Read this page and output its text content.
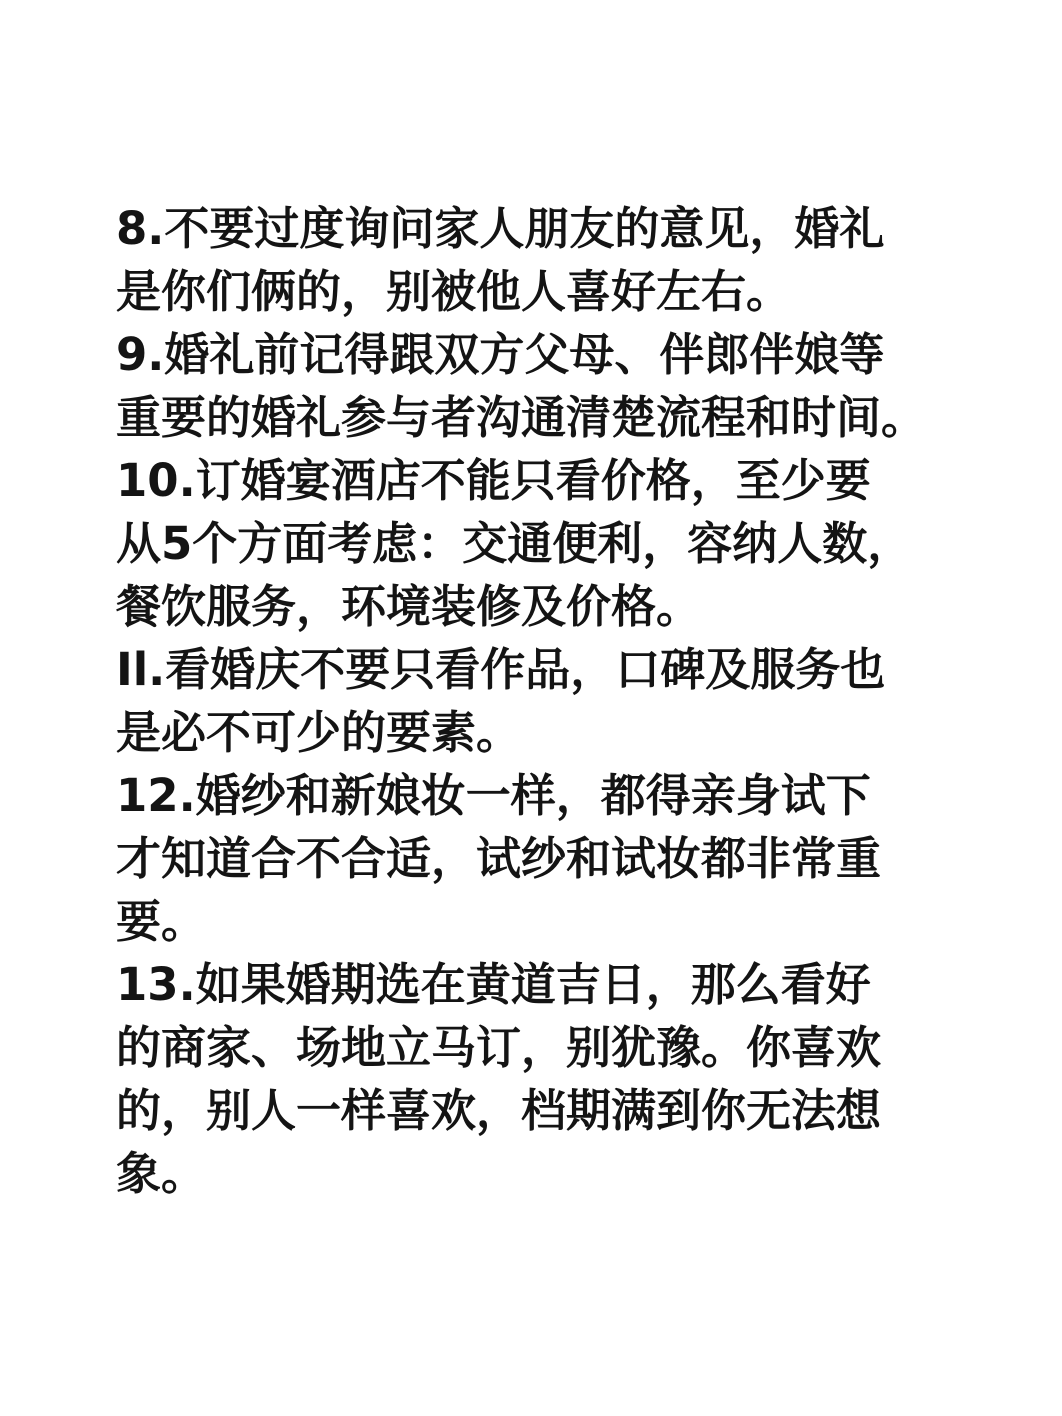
8.不要过度询问家人朋友的意见，婚礼
是你们俩的，别被他人喜好左右。
9.婚礼前记得跟双方父母、伴郎伴娘等
重要的婚礼参与者沟通清楚流程和时间。
10.订婚宴酒店不能只看价格，至少要
从5个方面考虑：交通便利，容纳人数，
餐饮服务，环境装修及价格。
Il.看婚庆不要只看作品，口碑及服务也
是必不可少的要素。
12.婚纱和新娘妆一样，都得亲身试下
才知道合不合适，试纱和试妆都非常重
要。
13.如果婚期选在黄道吉日，那么看好
的商家、场地立马订，别犹豫。你喜欢
的，别人一样喜欢，档期满到你无法想
象。
